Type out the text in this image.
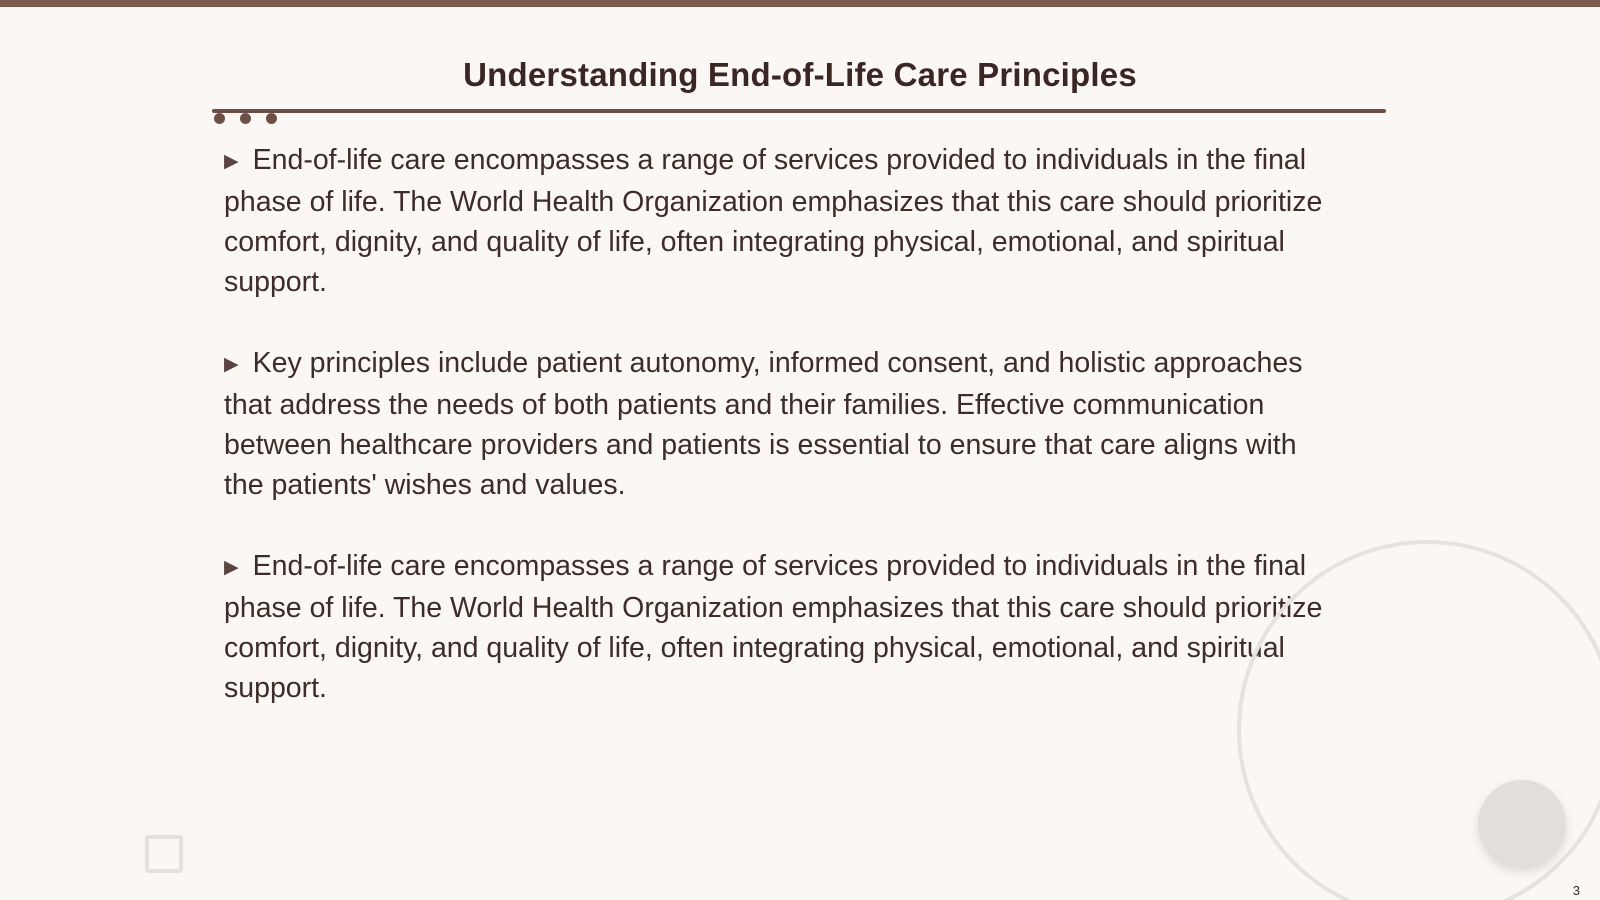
Understanding End-of-Life Care Principles

▶ End-of-life care encompasses a range of services provided to individuals in the final phase of life. The World Health Organization emphasizes that this care should prioritize comfort, dignity, and quality of life, often integrating physical, emotional, and spiritual support.

▶ Key principles include patient autonomy, informed consent, and holistic approaches that address the needs of both patients and their families. Effective communication between healthcare providers and patients is essential to ensure that care aligns with the patients' wishes and values.

▶ End-of-life care encompasses a range of services provided to individuals in the final phase of life. The World Health Organization emphasizes that this care should prioritize comfort, dignity, and quality of life, often integrating physical, emotional, and spiritual support.

3
